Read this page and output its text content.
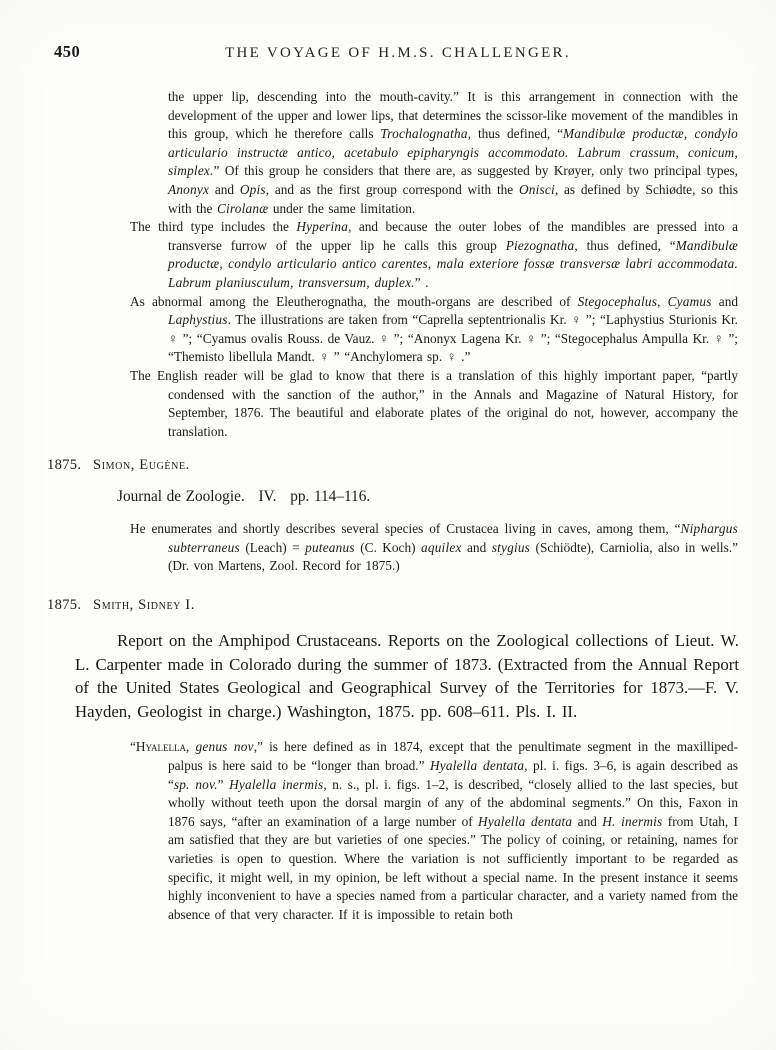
450	THE VOYAGE OF H.M.S. CHALLENGER.

the upper lip, descending into the mouth-cavity.” It is this arrangement in connection with the development of the upper and lower lips, that determines the scissor-like movement of the mandibles in this group, which he therefore calls Trochalognatha, thus defined, “Mandibulæ productæ, condylo articulario instructæ antico, acetabulo epipharyngis accommodato. Labrum crassum, conicum, simplex.” Of this group he considers that there are, as suggested by Krøyer, only two principal types, Anonyx and Opis, and as the first group correspond with the Onisci, as defined by Schiødte, so this with the Cirolanæ under the same limitation.

The third type includes the Hyperina, and because the outer lobes of the mandibles are pressed into a transverse furrow of the upper lip he calls this group Piezognatha, thus defined, “Mandibulæ productæ, condylo articulario antico carentes, mala exteriore fossæ transversæ labri accommodata. Labrum planiusculum, transversum, duplex.” .

As abnormal among the Eleutherognatha, the mouth-organs are described of Stegocephalus, Cyamus and Laphystius. The illustrations are taken from “Caprella septentrionalis Kr. ♀ ”; “Laphystius Sturionis Kr. ♀ ”; “Cyamus ovalis Rouss. de Vauz. ♀ ”; “Anonyx Lagena Kr. ♀ ”; “Stegocephalus Ampulla Kr. ♀ ”; “Themisto libellula Mandt. ♀ ” “Anchylomera sp. ♀ .”

The English reader will be glad to know that there is a translation of this highly important paper, “partly condensed with the sanction of the author,” in the Annals and Magazine of Natural History, for September, 1876. The beautiful and elaborate plates of the original do not, however, accompany the translation.

1875. Simon, Eugène.

Journal de Zoologie.   IV.   pp. 114–116.

He enumerates and shortly describes several species of Crustacea living in caves, among them, “Niphargus subterraneus (Leach) = puteanus (C. Koch) aquilex and stygius (Schiödte), Carniolia, also in wells.” (Dr. von Martens, Zool. Record for 1875.)

1875. Smith, Sidney I.

Report on the Amphipod Crustaceans. Reports on the Zoological collections of Lieut. W. L. Carpenter made in Colorado during the summer of 1873. (Extracted from the Annual Report of the United States Geological and Geographical Survey of the Territories for 1873.—F. V. Hayden, Geologist in charge.) Washington, 1875. pp. 608–611. Pls. I. II.

“Hyalella, genus nov,” is here defined as in 1874, except that the penultimate segment in the maxilliped-palpus is here said to be “longer than broad.” Hyalella dentata, pl. i. figs. 3–6, is again described as “sp. nov.” Hyalella inermis, n. s., pl. i. figs. 1–2, is described, “closely allied to the last species, but wholly without teeth upon the dorsal margin of any of the abdominal segments.” On this, Faxon in 1876 says, “after an examination of a large number of Hyalella dentata and H. inermis from Utah, I am satisfied that they are but varieties of one species.” The policy of coining, or retaining, names for varieties is open to question. Where the variation is not sufficiently important to be regarded as specific, it might well, in my opinion, be left without a special name. In the present instance it seems highly inconvenient to have a species named from a particular character, and a variety named from the absence of that very character. If it is impossible to retain both
